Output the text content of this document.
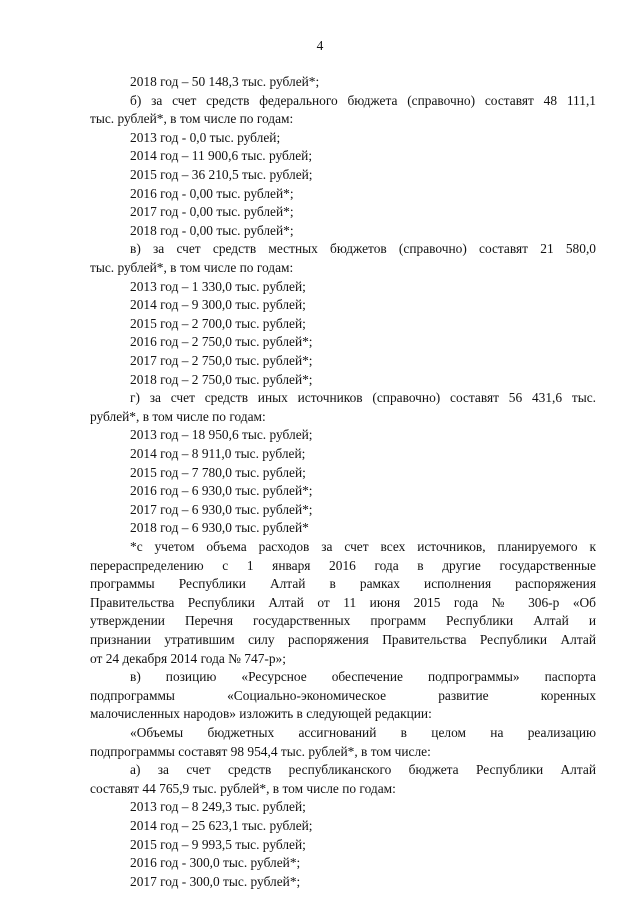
4
2018 год – 50 148,3 тыс. рублей*;
б) за счет средств федерального бюджета (справочно) составят 48 111,1
тыс. рублей*, в том числе по годам:
2013 год - 0,0 тыс. рублей;
2014 год – 11 900,6 тыс. рублей;
2015 год – 36 210,5 тыс. рублей;
2016 год - 0,00 тыс. рублей*;
2017 год - 0,00 тыс. рублей*;
2018 год - 0,00 тыс. рублей*;
в) за счет средств местных бюджетов (справочно) составят 21 580,0
тыс. рублей*, в том числе по годам:
2013 год – 1 330,0 тыс. рублей;
2014 год – 9 300,0 тыс. рублей;
2015 год – 2 700,0 тыс. рублей;
2016 год – 2 750,0 тыс. рублей*;
2017 год – 2 750,0 тыс. рублей*;
2018 год – 2 750,0 тыс. рублей*;
г) за счет средств иных источников (справочно) составят 56 431,6 тыс.
рублей*, в том числе по годам:
2013 год – 18 950,6 тыс. рублей;
2014 год – 8 911,0 тыс. рублей;
2015 год – 7 780,0 тыс. рублей;
2016 год – 6 930,0 тыс. рублей*;
2017 год – 6 930,0 тыс. рублей*;
2018 год – 6 930,0 тыс. рублей*
*с учетом объема расходов за счет всех источников, планируемого к
перераспределению с 1 января 2016 года в другие государственные
программы Республики Алтай в рамках исполнения распоряжения
Правительства Республики Алтай от 11 июня 2015 года № 306-р «Об
утверждении Перечня государственных программ Республики Алтай и
признании утратившим силу распоряжения Правительства Республики Алтай
от 24 декабря 2014 года № 747-р»;
в) позицию «Ресурсное обеспечение подпрограммы» паспорта
подпрограммы «Социально-экономическое развитие коренных
малочисленных народов» изложить в следующей редакции:
«Объемы бюджетных ассигнований в целом на реализацию
подпрограммы составят 98 954,4 тыс. рублей*, в том числе:
а) за счет средств республиканского бюджета Республики Алтай
составят 44 765,9 тыс. рублей*, в том числе по годам:
2013 год – 8 249,3 тыс. рублей;
2014 год – 25 623,1 тыс. рублей;
2015 год – 9 993,5 тыс. рублей;
2016 год - 300,0 тыс. рублей*;
2017 год - 300,0 тыс. рублей*;
